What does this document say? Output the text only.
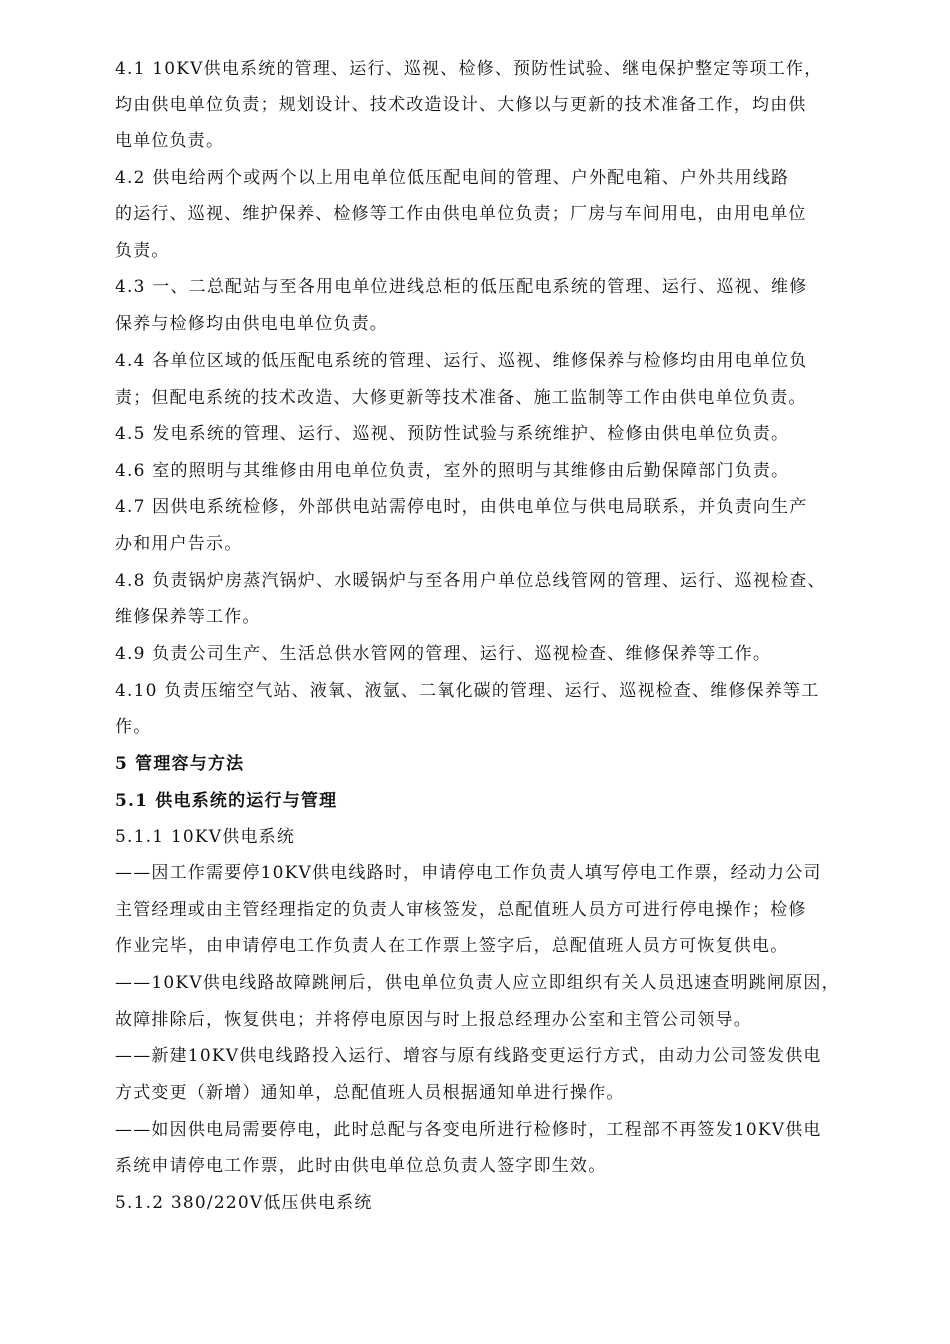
4.1 10KV供电系统的管理、运行、巡视、检修、预防性试验、继电保护整定等项工作，
均由供电单位负责；规划设计、技术改造设计、大修以与更新的技术准备工作，均由供
电单位负责。
4.2 供电给两个或两个以上用电单位低压配电间的管理、户外配电箱、户外共用线路
的运行、巡视、维护保养、检修等工作由供电单位负责；厂房与车间用电，由用电单位
负责。
4.3 一、二总配站与至各用电单位进线总柜的低压配电系统的管理、运行、巡视、维修
保养与检修均由供电电单位负责。
4.4 各单位区域的低压配电系统的管理、运行、巡视、维修保养与检修均由用电单位负
责；但配电系统的技术改造、大修更新等技术准备、施工监制等工作由供电单位负责。
4.5 发电系统的管理、运行、巡视、预防性试验与系统维护、检修由供电单位负责。
4.6 室的照明与其维修由用电单位负责，室外的照明与其维修由后勤保障部门负责。
4.7 因供电系统检修，外部供电站需停电时，由供电单位与供电局联系，并负责向生产
办和用户告示。
4.8 负责锅炉房蒸汽锅炉、水暖锅炉与至各用户单位总线管网的管理、运行、巡视检查、
维修保养等工作。
4.9 负责公司生产、生活总供水管网的管理、运行、巡视检查、维修保养等工作。
4.10 负责压缩空气站、液氧、液氩、二氧化碳的管理、运行、巡视检查、维修保养等工
作。
5 管理容与方法
5.1 供电系统的运行与管理
5.1.1 10KV供电系统
——因工作需要停10KV供电线路时，申请停电工作负责人填写停电工作票，经动力公司
主管经理或由主管经理指定的负责人审核签发，总配值班人员方可进行停电操作；检修
作业完毕，由申请停电工作负责人在工作票上签字后，总配值班人员方可恢复供电。
——10KV供电线路故障跳闸后，供电单位负责人应立即组织有关人员迅速查明跳闸原因，
故障排除后，恢复供电；并将停电原因与时上报总经理办公室和主管公司领导。
——新建10KV供电线路投入运行、增容与原有线路变更运行方式，由动力公司签发供电
方式变更（新增）通知单，总配值班人员根据通知单进行操作。
——如因供电局需要停电，此时总配与各变电所进行检修时，工程部不再签发10KV供电
系统申请停电工作票，此时由供电单位总负责人签字即生效。
5.1.2 380/220V低压供电系统
